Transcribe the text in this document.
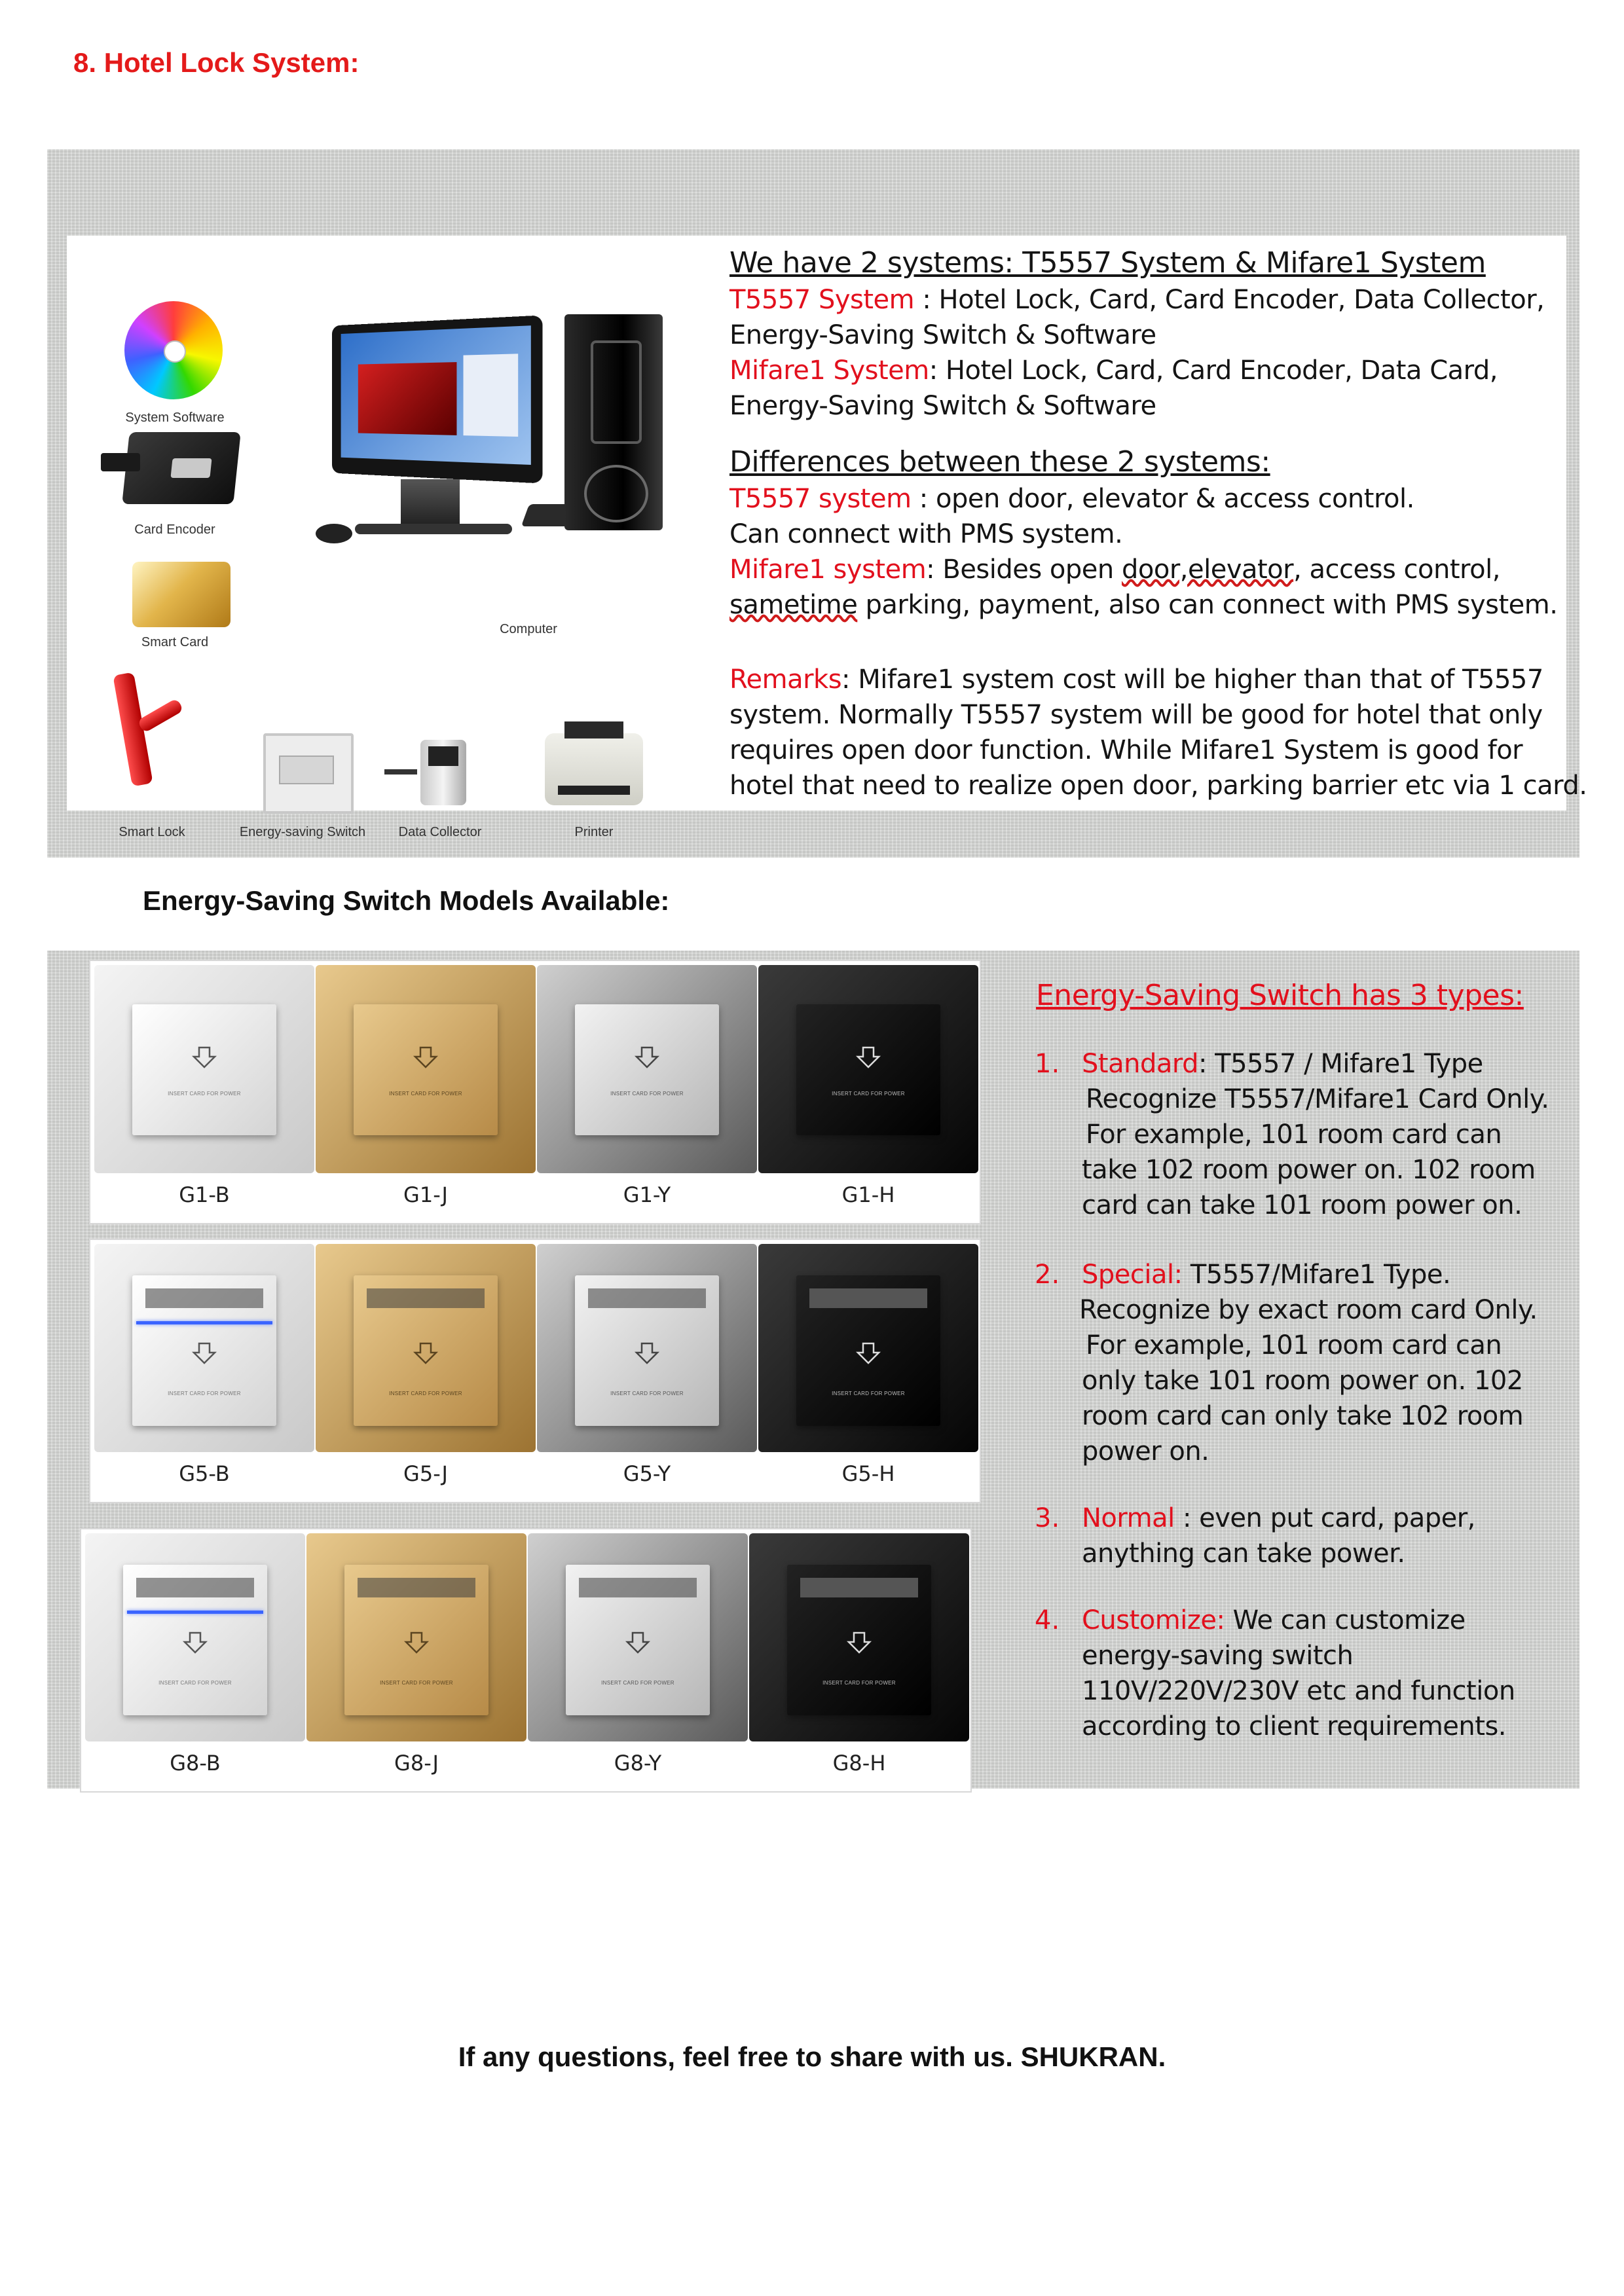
8. Hotel Lock System:
System Software
Card Encoder
Smart Card
Computer
Smart Lock	Energy-saving Switch	Data Collector	Printer
We have 2 systems: T5557 System & Mifare1 System
T5557 System : Hotel Lock, Card, Card Encoder, Data Collector,
Energy-Saving Switch & Software
Mifare1 System: Hotel Lock, Card, Card Encoder, Data Card,
Energy-Saving Switch & Software
Differences between these 2 systems:
T5557 system : open door, elevator & access control.
Can connect with PMS system.
Mifare1 system: Besides open door,elevator, access control,
sametime parking, payment, also can connect with PMS system.
Remarks: Mifare1 system cost will be higher than that of T5557
system. Normally T5557 system will be good for hotel that only
requires open door function. While Mifare1 System is good for
hotel that need to realize open door, parking barrier etc via 1 card.
Energy-Saving Switch Models Available:
INSERT CARD FOR POWER
G1-B
INSERT CARD FOR POWER
G1-J
INSERT CARD FOR POWER
G1-Y
INSERT CARD FOR POWER
G1-H
INSERT CARD FOR POWER
G5-B
INSERT CARD FOR POWER
G5-J
INSERT CARD FOR POWER
G5-Y
INSERT CARD FOR POWER
G5-H
INSERT CARD FOR POWER
G8-B
INSERT CARD FOR POWER
G8-J
INSERT CARD FOR POWER
G8-Y
INSERT CARD FOR POWER
G8-H
Energy-Saving Switch has 3 types:
1. Standard: T5557 / Mifare1 Type
Recognize T5557/Mifare1 Card Only.
For example, 101 room card can
take 102 room power on. 102 room
card can take 101 room power on.
2. Special: T5557/Mifare1 Type.
Recognize by exact room card Only.
For example, 101 room card can
only take 101 room power on. 102
room card can only take 102 room
power on.
3. Normal : even put card, paper,
anything can take power.
4. Customize: We can customize
energy-saving switch
110V/220V/230V etc and function
according to client requirements.
If any questions, feel free to share with us. SHUKRAN.
